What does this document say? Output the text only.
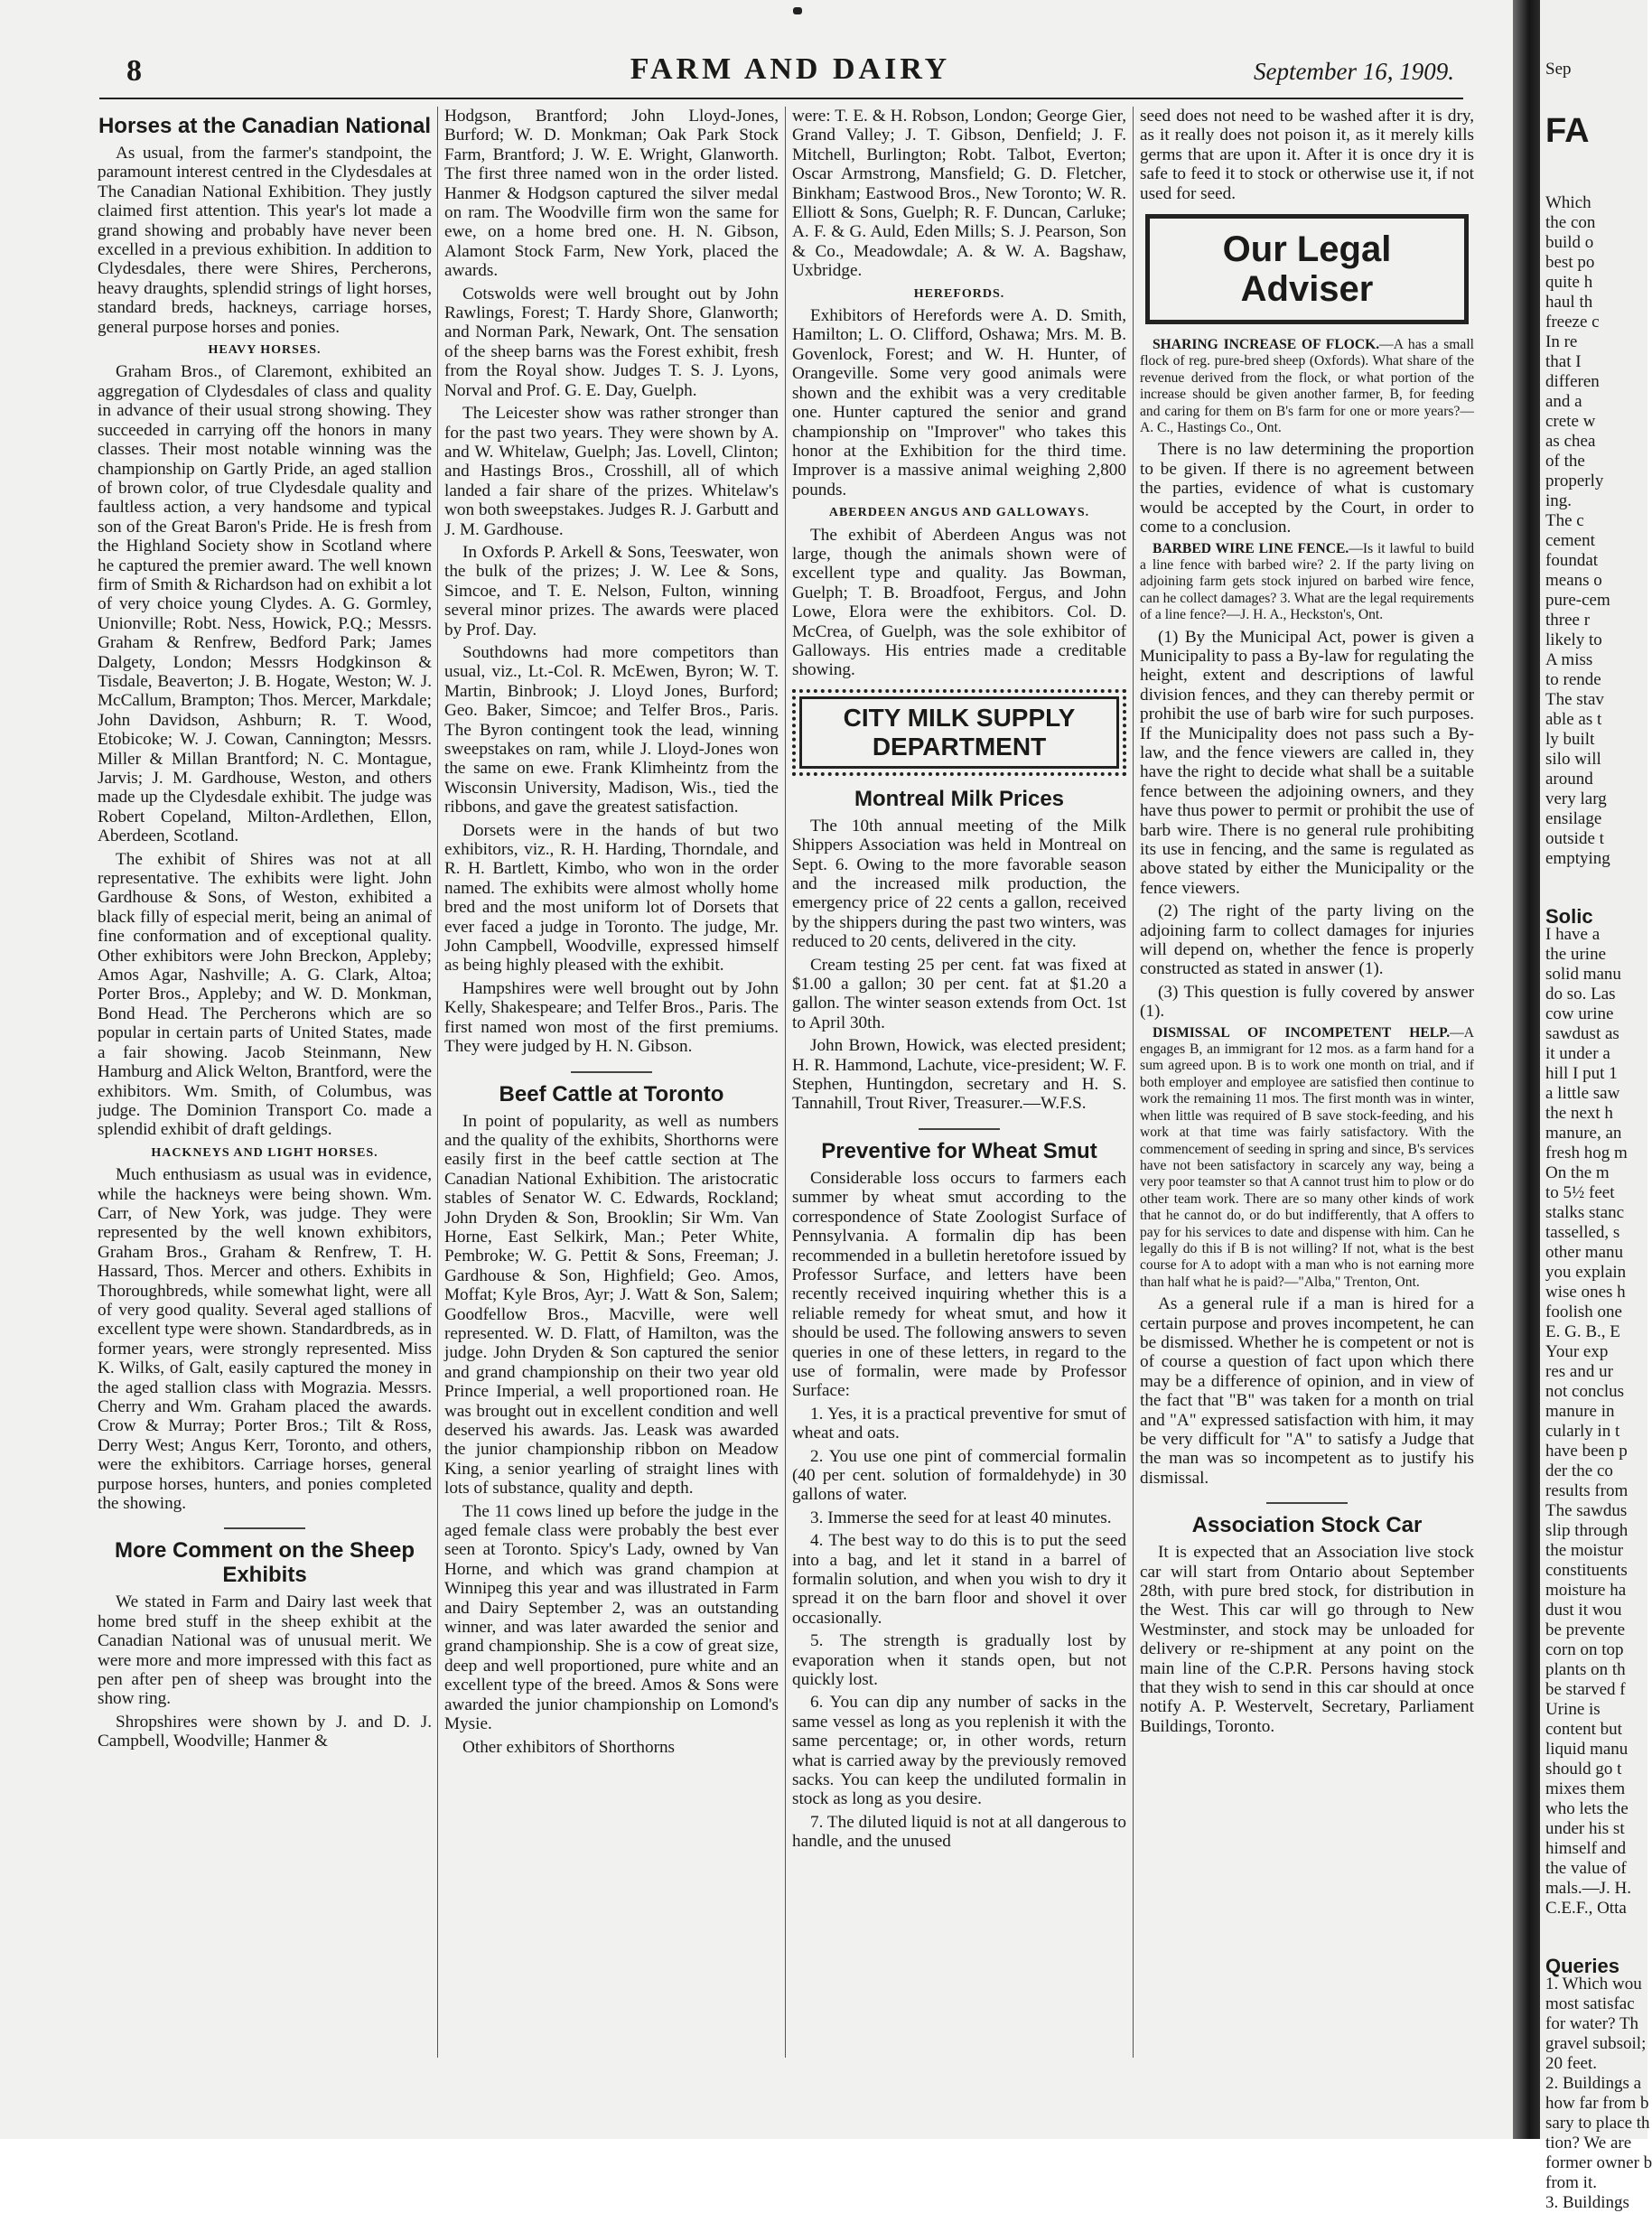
8	FARM AND DAIRY	September 16, 1909.
Horses at the Canadian National

As usual, from the farmer's standpoint, the paramount interest centred in the Clydesdales at The Canadian National Exhibition. They justly claimed first attention. This year's lot made a grand showing and probably have never been excelled in a previous exhibition. In addition to Clydesdales, there were Shires, Percherons, heavy draughts, splendid strings of light horses, standard breds, hackneys, carriage horses, general purpose horses and ponies.

HEAVY HORSES.

Graham Bros., of Claremont, exhibited an aggregation of Clydesdales of class and quality in advance of their usual strong showing. They succeeded in carrying off the honors in many classes. Their most notable winning was the championship on Gartly Pride, an aged stallion of brown color, of true Clydesdale quality and faultless action, a very handsome and typical son of the Great Baron's Pride. He is fresh from the Highland Society show in Scotland where he captured the premier award. The well known firm of Smith & Richardson had on exhibit a lot of very choice young Clydes. A. G. Gormley, Unionville; Robt. Ness, Howick, P.Q.; Messrs. Graham & Renfrew, Bedford Park; James Dalgety, London; Messrs Hodgkinson & Tisdale, Beaverton; J. B. Hogate, Weston; W. J. McCallum, Brampton; Thos. Mercer, Markdale; John Davidson, Ashburn; R. T. Wood, Etobicoke; W. J. Cowan, Cannington; Messrs. Miller & Millan Brantford; N. C. Montague, Jarvis; J. M. Gardhouse, Weston, and others made up the Clydesdale exhibit. The judge was Robert Copeland, Milton-Ardlethen, Ellon, Aberdeen, Scotland.

The exhibit of Shires was not at all representative. The exhibits were light. John Gardhouse & Sons, of Weston, exhibited a black filly of especial merit, being an animal of fine conformation and of exceptional quality. Other exhibitors were John Breckon, Appleby; Amos Agar, Nashville; A. G. Clark, Altoa; Porter Bros., Appleby; and W. D. Monkman, Bond Head. The Percherons which are so popular in certain parts of United States, made a fair showing. Jacob Steinmann, New Hamburg and Alick Welton, Brantford, were the exhibitors. Wm. Smith, of Columbus, was judge. The Dominion Transport Co. made a splendid exhibit of draft geldings.

HACKNEYS AND LIGHT HORSES.

Much enthusiasm as usual was in evidence, while the hackneys were being shown. Wm. Carr, of New York, was judge. They were represented by the well known exhibitors, Graham Bros., Graham & Renfrew, T. H. Hassard, Thos. Mercer and others. Exhibits in Thoroughbreds, while somewhat light, were all of very good quality. Several aged stallions of excellent type were shown. Standardbreds, as in former years, were strongly represented. Miss K. Wilks, of Galt, easily captured the money in the aged stallion class with Mograzia. Messrs. Cherry and Wm. Graham placed the awards. Crow & Murray; Porter Bros.; Tilt & Ross, Derry West; Angus Kerr, Toronto, and others, were the exhibitors. Carriage horses, general purpose horses, hunters, and ponies completed the showing.

More Comment on the Sheep Exhibits

We stated in Farm and Dairy last week that home bred stuff in the sheep exhibit at the Canadian National was of unusual merit. We were more and more impressed with this fact as pen after pen of sheep was brought into the show ring.

Shropshires were shown by J. and D. J. Campbell, Woodville; Hanmer &

Hodgson, Brantford; John Lloyd-Jones, Burford; W. D. Monkman; Oak Park Stock Farm, Brantford; J. W. E. Wright, Glanworth. The first three named won in the order listed. Hanmer & Hodgson captured the silver medal on ram. The Woodville firm won the same for ewe, on a home bred one. H. N. Gibson, Alamont Stock Farm, New York, placed the awards.

Cotswolds were well brought out by John Rawlings, Forest; T. Hardy Shore, Glanworth; and Norman Park, Newark, Ont. The sensation of the sheep barns was the Forest exhibit, fresh from the Royal show. Judges T. S. J. Lyons, Norval and Prof. G. E. Day, Guelph.

The Leicester show was rather stronger than for the past two years. They were shown by A. and W. Whitelaw, Guelph; Jas. Lovell, Clinton; and Hastings Bros., Crosshill, all of which landed a fair share of the prizes. Whitelaw's won both sweepstakes. Judges R. J. Garbutt and J. M. Gardhouse.

In Oxfords P. Arkell & Sons, Teeswater, won the bulk of the prizes; J. W. Lee & Sons, Simcoe, and T. E. Nelson, Fulton, winning several minor prizes. The awards were placed by Prof. Day.

Southdowns had more competitors than usual, viz., Lt.-Col. R. McEwen, Byron; W. T. Martin, Binbrook; J. Lloyd Jones, Burford; Geo. Baker, Simcoe; and Telfer Bros., Paris. The Byron contingent took the lead, winning sweepstakes on ram, while J. Lloyd-Jones won the same on ewe. Frank Klimheintz from the Wisconsin University, Madison, Wis., tied the ribbons, and gave the greatest satisfaction.

Dorsets were in the hands of but two exhibitors, viz., R. H. Harding, Thorndale, and R. H. Bartlett, Kimbo, who won in the order named. The exhibits were almost wholly home bred and the most uniform lot of Dorsets that ever faced a judge in Toronto. The judge, Mr. John Campbell, Woodville, expressed himself as being highly pleased with the exhibit.

Hampshires were well brought out by John Kelly, Shakespeare; and Telfer Bros., Paris. The first named won most of the first premiums. They were judged by H. N. Gibson.

Beef Cattle at Toronto

In point of popularity, as well as numbers and the quality of the exhibits, Shorthorns were easily first in the beef cattle section at The Canadian National Exhibition. The aristocratic stables of Senator W. C. Edwards, Rockland; John Dryden & Son, Brooklin; Sir Wm. Van Horne, East Selkirk, Man.; Peter White, Pembroke; W. G. Pettit & Sons, Freeman; J. Gardhouse & Son, Highfield; Geo. Amos, Moffat; Kyle Bros, Ayr; J. Watt & Son, Salem; Goodfellow Bros., Macville, were well represented. W. D. Flatt, of Hamilton, was the judge. John Dryden & Son captured the senior and grand championship on their two year old Prince Imperial, a well proportioned roan. He was brought out in excellent condition and well deserved his awards. Jas. Leask was awarded the junior championship ribbon on Meadow King, a senior yearling of straight lines with lots of substance, quality and depth.

The 11 cows lined up before the judge in the aged female class were probably the best ever seen at Toronto. Spicy's Lady, owned by Van Horne, and which was grand champion at Winnipeg this year and was illustrated in Farm and Dairy September 2, was an outstanding winner, and was later awarded the senior and grand championship. She is a cow of great size, deep and well proportioned, pure white and an excellent type of the breed. Amos & Sons were awarded the junior championship on Lomond's Mysie.

Other exhibitors of Shorthorns

were: T. E. & H. Robson, London; George Gier, Grand Valley; J. T. Gibson, Denfield; J. F. Mitchell, Burlington; Robt. Talbot, Everton; Oscar Armstrong, Mansfield; G. D. Fletcher, Binkham; Eastwood Bros., New Toronto; W. R. Elliott & Sons, Guelph; R. F. Duncan, Carluke; A. F. & G. Auld, Eden Mills; S. J. Pearson, Son & Co., Meadowdale; A. & W. A. Bagshaw, Uxbridge.

HEREFORDS.

Exhibitors of Herefords were A. D. Smith, Hamilton; L. O. Clifford, Oshawa; Mrs. M. B. Govenlock, Forest; and W. H. Hunter, of Orangeville. Some very good animals were shown and the exhibit was a very creditable one. Hunter captured the senior and grand championship on "Improver" who takes this honor at the Exhibition for the third time. Improver is a massive animal weighing 2,800 pounds.

ABERDEEN ANGUS AND GALLOWAYS.

The exhibit of Aberdeen Angus was not large, though the animals shown were of excellent type and quality. Jas Bowman, Guelph; T. B. Broadfoot, Fergus, and John Lowe, Elora were the exhibitors. Col. D. McCrea, of Guelph, was the sole exhibitor of Galloways. His entries made a creditable showing.

CITY MILK SUPPLY DEPARTMENT
Montreal Milk Prices

The 10th annual meeting of the Milk Shippers Association was held in Montreal on Sept. 6. Owing to the more favorable season and the increased milk production, the emergency price of 22 cents a gallon, received by the shippers during the past two winters, was reduced to 20 cents, delivered in the city.

Cream testing 25 per cent. fat was fixed at $1.00 a gallon; 30 per cent. fat at $1.20 a gallon. The winter season extends from Oct. 1st to April 30th.

John Brown, Howick, was elected president; H. R. Hammond, Lachute, vice-president; W. F. Stephen, Huntingdon, secretary and H. S. Tannahill, Trout River, Treasurer.—W.F.S.

Preventive for Wheat Smut

Considerable loss occurs to farmers each summer by wheat smut according to the correspondence of State Zoologist Surface of Pennsylvania. A formalin dip has been recommended in a bulletin heretofore issued by Professor Surface, and letters have been recently received inquiring whether this is a reliable remedy for wheat smut, and how it should be used. The following answers to seven queries in one of these letters, in regard to the use of formalin, were made by Professor Surface:

1. Yes, it is a practical preventive for smut of wheat and oats.

2. You use one pint of commercial formalin (40 per cent. solution of formaldehyde) in 30 gallons of water.

3. Immerse the seed for at least 40 minutes.

4. The best way to do this is to put the seed into a bag, and let it stand in a barrel of formalin solution, and when you wish to dry it spread it on the barn floor and shovel it over occasionally.

5. The strength is gradually lost by evaporation when it stands open, but not quickly lost.

6. You can dip any number of sacks in the same vessel as long as you replenish it with the same percentage; or, in other words, return what is carried away by the previously removed sacks. You can keep the undiluted formalin in stock as long as you desire.

7. The diluted liquid is not at all dangerous to handle, and the unused

seed does not need to be washed after it is dry, as it really does not poison it, as it merely kills germs that are upon it. After it is once dry it is safe to feed it to stock or otherwise use it, if not used for seed.

Our Legal Adviser

SHARING INCREASE OF FLOCK.—A has a small flock of reg. pure-bred sheep (Oxfords). What share of the revenue derived from the flock, or what portion of the increase should be given another farmer, B, for feeding and caring for them on B's farm for one or more years?—A. C., Hastings Co., Ont.

There is no law determining the proportion to be given. If there is no agreement between the parties, evidence of what is customary would be accepted by the Court, in order to come to a conclusion.

BARBED WIRE LINE FENCE.—Is it lawful to build a line fence with barbed wire? 2. If the party living on adjoining farm gets stock injured on barbed wire fence, can he collect damages? 3. What are the legal requirements of a line fence?—J. H. A., Heckston's, Ont.

(1) By the Municipal Act, power is given a Municipality to pass a By-law for regulating the height, extent and descriptions of lawful division fences, and they can thereby permit or prohibit the use of barb wire for such purposes. If the Municipality does not pass such a By-law, and the fence viewers are called in, they have the right to decide what shall be a suitable fence between the adjoining owners, and they have thus power to permit or prohibit the use of barb wire. There is no general rule prohibiting its use in fencing, and the same is regulated as above stated by either the Municipality or the fence viewers.

(2) The right of the party living on the adjoining farm to collect damages for injuries will depend on, whether the fence is properly constructed as stated in answer (1).

(3) This question is fully covered by answer (1).

DISMISSAL OF INCOMPETENT HELP.—A engages B, an immigrant for 12 mos. as a farm hand for a sum agreed upon. B is to work one month on trial, and if both employer and employee are satisfied then continue to work the remaining 11 mos. The first month was in winter, when little was required of B save stock-feeding, and his work at that time was fairly satisfactory. With the commencement of seeding in spring and since, B's services have not been satisfactory in scarcely any way, being a very poor teamster so that A cannot trust him to plow or do other team work. There are so many other kinds of work that he cannot do, or do but indifferently, that A offers to pay for his services to date and dispense with him. Can he legally do this if B is not willing? If not, what is the best course for A to adopt with a man who is not earning more than half what he is paid?—"Alba," Trenton, Ont.

As a general rule if a man is hired for a certain purpose and proves incompetent, he can be dismissed. Whether he is competent or not is of course a question of fact upon which there may be a difference of opinion, and in view of the fact that "B" was taken for a month on trial and "A" expressed satisfaction with him, it may be very difficult for "A" to satisfy a Judge that the man was so incompetent as to justify his dismissal.

Association Stock Car

It is expected that an Association live stock car will start from Ontario about September 28th, with pure bred stock, for distribution in the West. This car will go through to New Westminster, and stock may be unloaded for delivery or re-shipment at any point on the main line of the C.P.R. Persons having stock that they wish to send in this car should at once notify A. P. Westervelt, Secretary, Parliament Buildings, Toronto.

Sep
FA
Which
the con
build o
best po
quite h
haul th
freeze c
In re
that I
differen
and a
crete w
as chea
of the
properly
ing.
The c
cement
foundat
means o
pure-cem
three r
likely to
A miss
to rende
The stav
able as t
ly built
silo will
around
very larg
ensilage
outside t
emptying
Solic
I have a
the urine
solid manu
do so. Las
cow urine
sawdust as
it under a
hill I put 1
a little saw
the next h
manure, an
fresh hog m
On the m
to 5½ feet
stalks stanc
tasselled, s
other manu
you explain
wise ones h
foolish one
E. G. B., E
Your exp
res and ur
not conclus
manure in
cularly in t
have been p
der the co
results from
The sawdus
slip through
the moistur
constituents
moisture ha
dust it wou
be prevente
corn on top
plants on th
be starved f
Urine is
content but
liquid manu
should go t
mixes them
who lets the
under his st
himself and
the value of
mals.—J. H.
C.E.F., Otta
Queries
1. Which wou
most satisfac
for water? Th
gravel subsoil;
20 feet.
2. Buildings a
how far from b
sary to place th
tion? We are
former owner b
from it.
3. Buildings
